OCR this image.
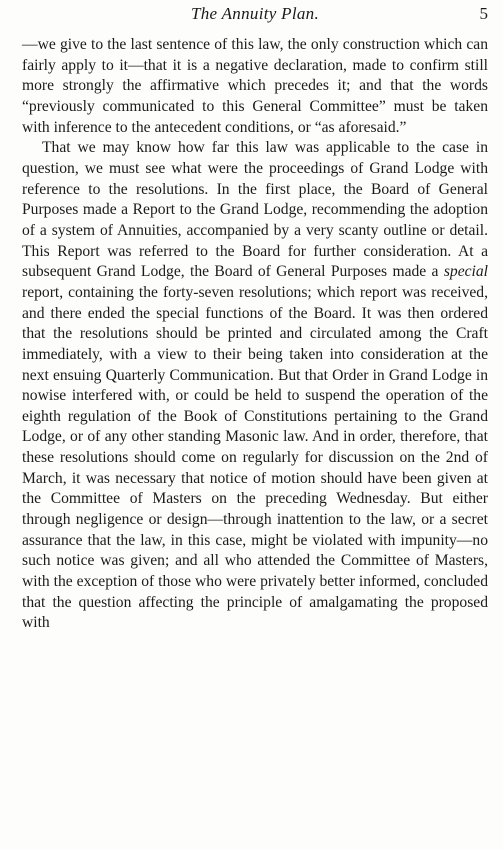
The Annuity Plan.	5

—we give to the last sentence of this law, the only construction which can fairly apply to it—that it is a negative declaration, made to confirm still more strongly the affirmative which precedes it; and that the words “previously communicated to this General Committee” must be taken with inference to the antecedent conditions, or “as aforesaid.”

That we may know how far this law was applicable to the case in question, we must see what were the proceedings of Grand Lodge with reference to the resolutions. In the first place, the Board of General Purposes made a Report to the Grand Lodge, recommending the adoption of a system of Annuities, accompanied by a very scanty outline or detail. This Report was referred to the Board for further consideration. At a subsequent Grand Lodge, the Board of General Purposes made a special report, containing the forty-seven resolutions; which report was received, and there ended the special functions of the Board. It was then ordered that the resolutions should be printed and circulated among the Craft immediately, with a view to their being taken into consideration at the next ensuing Quarterly Communication. But that Order in Grand Lodge in nowise interfered with, or could be held to suspend the operation of the eighth regulation of the Book of Constitutions pertaining to the Grand Lodge, or of any other standing Masonic law. And in order, therefore, that these resolutions should come on regularly for discussion on the 2nd of March, it was necessary that notice of motion should have been given at the Committee of Masters on the preceding Wednesday. But either through negligence or design—through inattention to the law, or a secret assurance that the law, in this case, might be violated with impunity—no such notice was given; and all who attended the Committee of Masters, with the exception of those who were privately better informed, concluded that the question affecting the principle of amalgamating the proposed with
